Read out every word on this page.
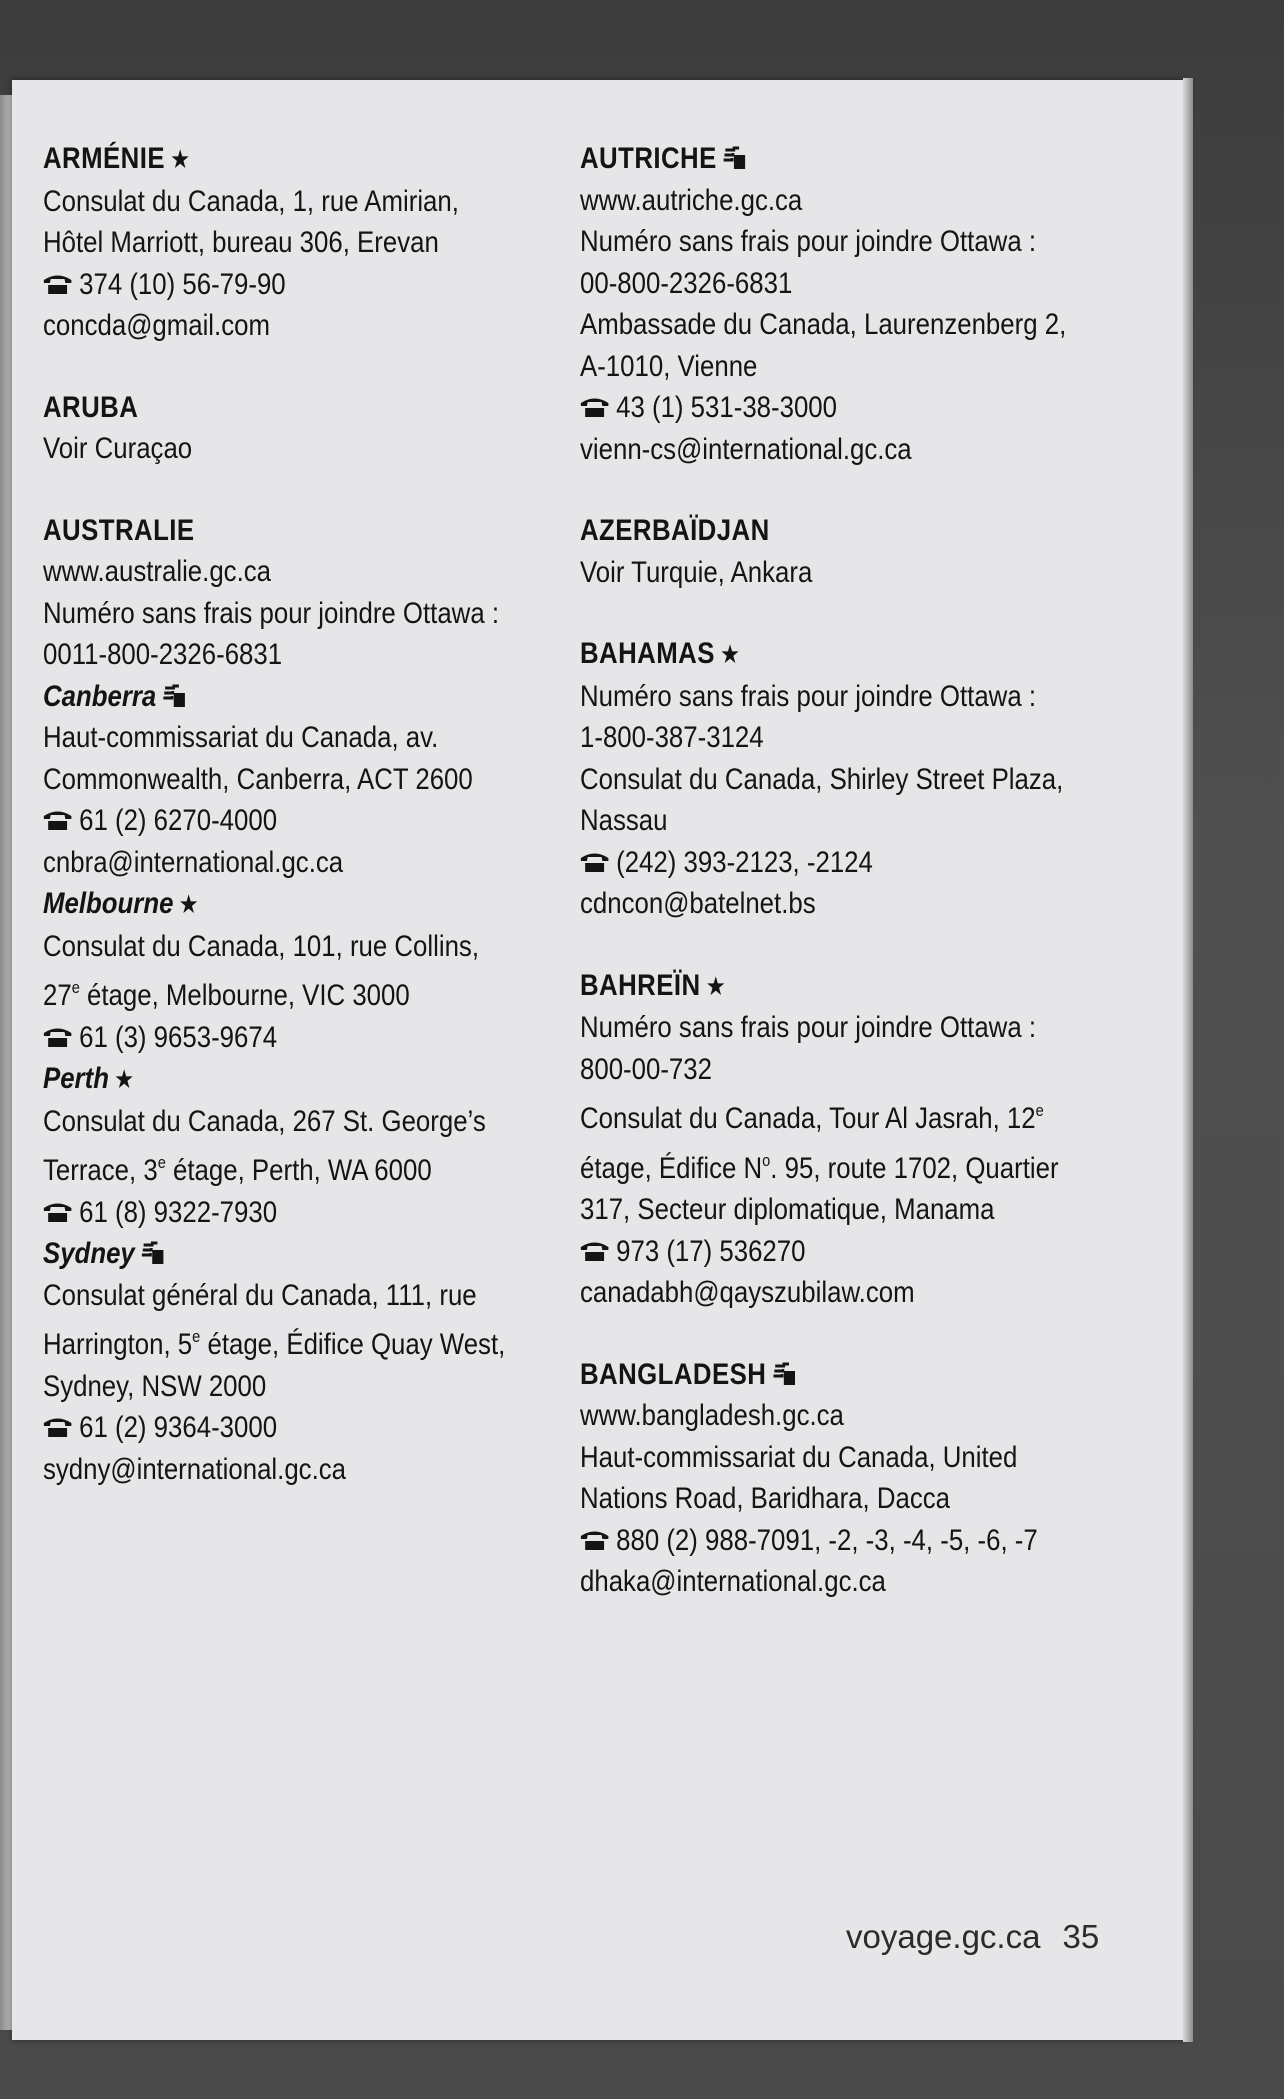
ARMÉNIE ★
Consulat du Canada, 1, rue Amirian,
Hôtel Marriott, bureau 306, Erevan
374 (10) 56-79-90
concda@gmail.com
ARUBA
Voir Curaçao
AUSTRALIE
www.australie.gc.ca
Numéro sans frais pour joindre Ottawa :
0011-800-2326-6831
Canberra
Haut-commissariat du Canada, av.
Commonwealth, Canberra, ACT 2600
61 (2) 6270-4000
cnbra@international.gc.ca
Melbourne ★
Consulat du Canada, 101, rue Collins,
27e étage, Melbourne, VIC 3000
61 (3) 9653-9674
Perth ★
Consulat du Canada, 267 St. George’s
Terrace, 3e étage, Perth, WA 6000
61 (8) 9322-7930
Sydney
Consulat général du Canada, 111, rue
Harrington, 5e étage, Édifice Quay West,
Sydney, NSW 2000
61 (2) 9364-3000
sydny@international.gc.ca
AUTRICHE
www.autriche.gc.ca
Numéro sans frais pour joindre Ottawa :
00-800-2326-6831
Ambassade du Canada, Laurenzenberg 2,
A-1010, Vienne
43 (1) 531-38-3000
vienn-cs@international.gc.ca
AZERBAÏDJAN
Voir Turquie, Ankara
BAHAMAS ★
Numéro sans frais pour joindre Ottawa :
1-800-387-3124
Consulat du Canada, Shirley Street Plaza,
Nassau
(242) 393-2123, -2124
cdncon@batelnet.bs
BAHREÏN ★
Numéro sans frais pour joindre Ottawa :
800-00-732
Consulat du Canada, Tour Al Jasrah, 12e
étage, Édifice $N^o$. 95, route 1702, Quartier
317, Secteur diplomatique, Manama
973 (17) 536270
canadabh@qayszubilaw.com
BANGLADESH
www.bangladesh.gc.ca
Haut-commissariat du Canada, United
Nations Road, Baridhara, Dacca
880 (2) 988-7091, -2, -3, -4, -5, -6, -7
dhaka@international.gc.ca
voyage.gc.ca 35
